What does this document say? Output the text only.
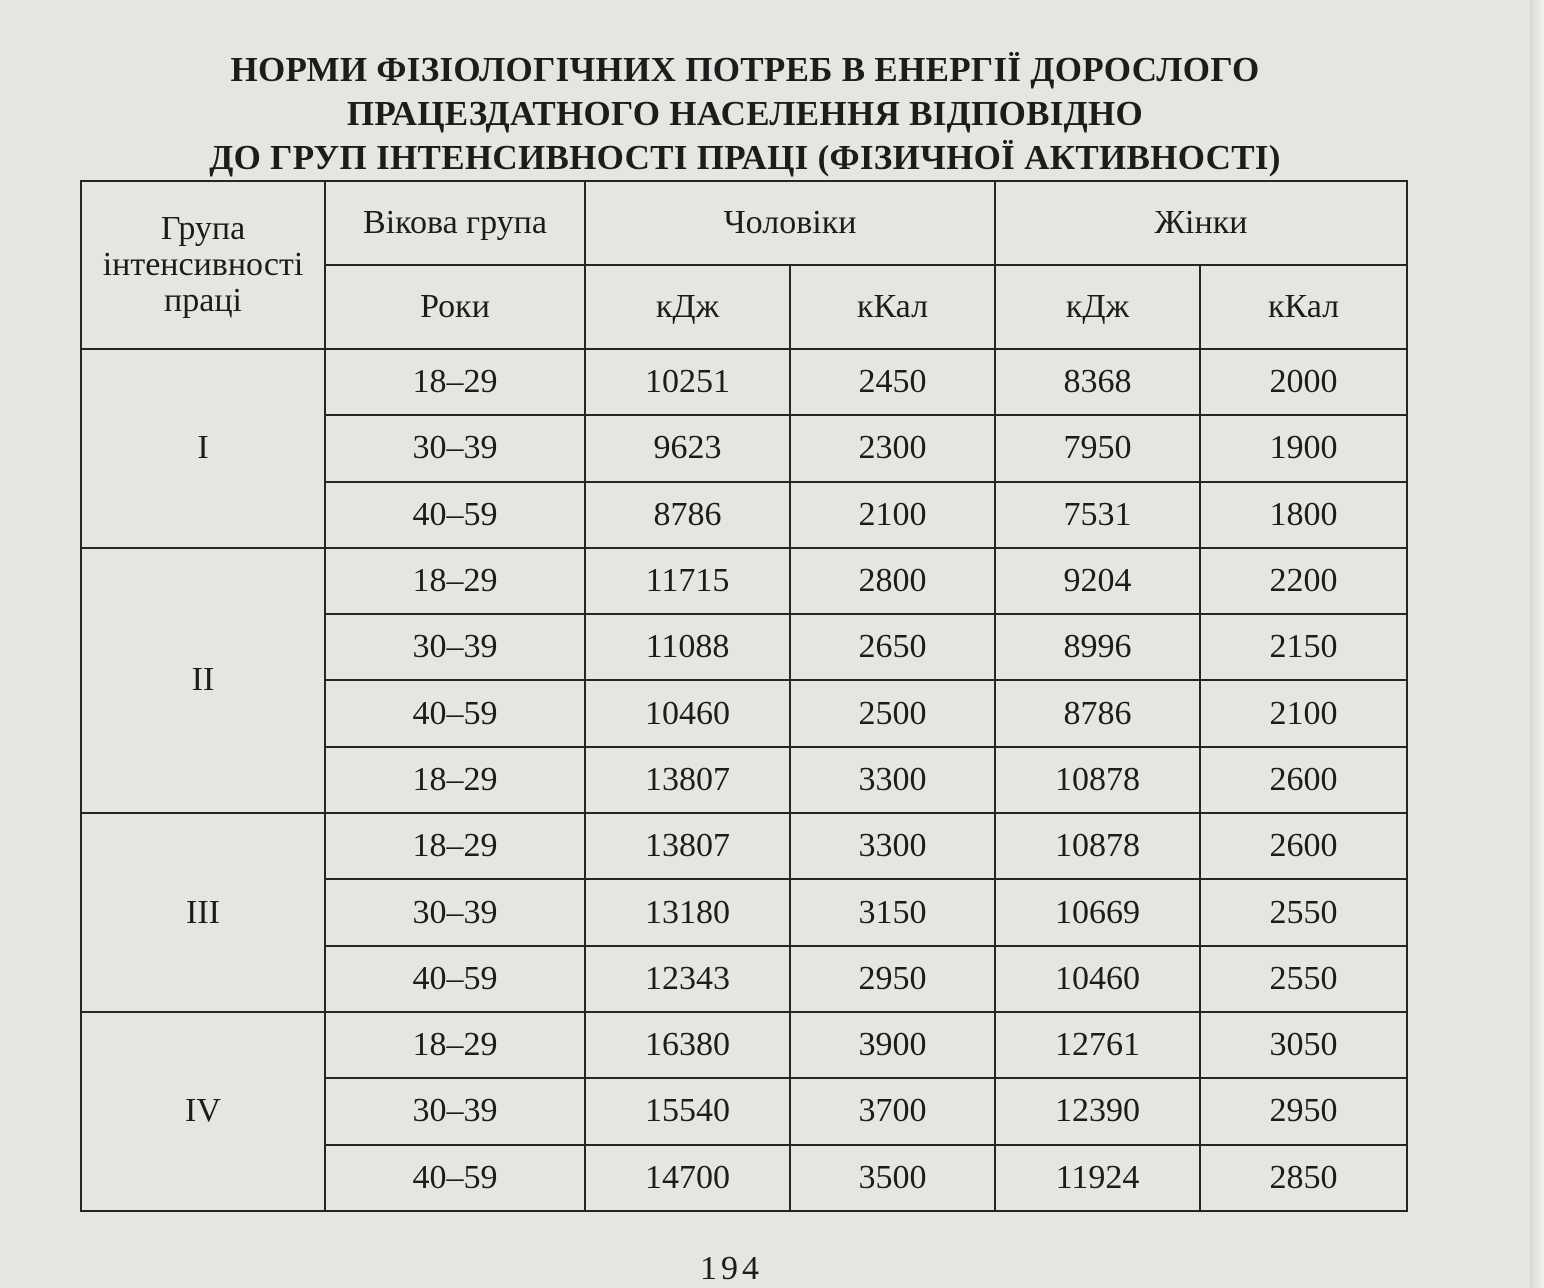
НОРМИ ФІЗІОЛОГІЧНИХ ПОТРЕБ В ЕНЕРГІЇ ДОРОСЛОГО
ПРАЦЕЗДАТНОГО НАСЕЛЕННЯ ВІДПОВІДНО
ДО ГРУП ІНТЕНСИВНОСТІ ПРАЦІ (ФІЗИЧНОЇ АКТИВНОСТІ)
Група
інтенсивності
праці	Вікова група	Чоловіки		Жінки	
	Роки	кДж	кКал	кДж	кКал
I	18–29	10251	2450	8368	2000
	30–39	9623	2300	7950	1900
	40–59	8786	2100	7531	1800
II	18–29	11715	2800	9204	2200
	30–39	11088	2650	8996	2150
	40–59	10460	2500	8786	2100
	18–29	13807	3300	10878	2600
III	18–29	13807	3300	10878	2600
	30–39	13180	3150	10669	2550
	40–59	12343	2950	10460	2550
IV	18–29	16380	3900	12761	3050
	30–39	15540	3700	12390	2950
	40–59	14700	3500	11924	2850
194
